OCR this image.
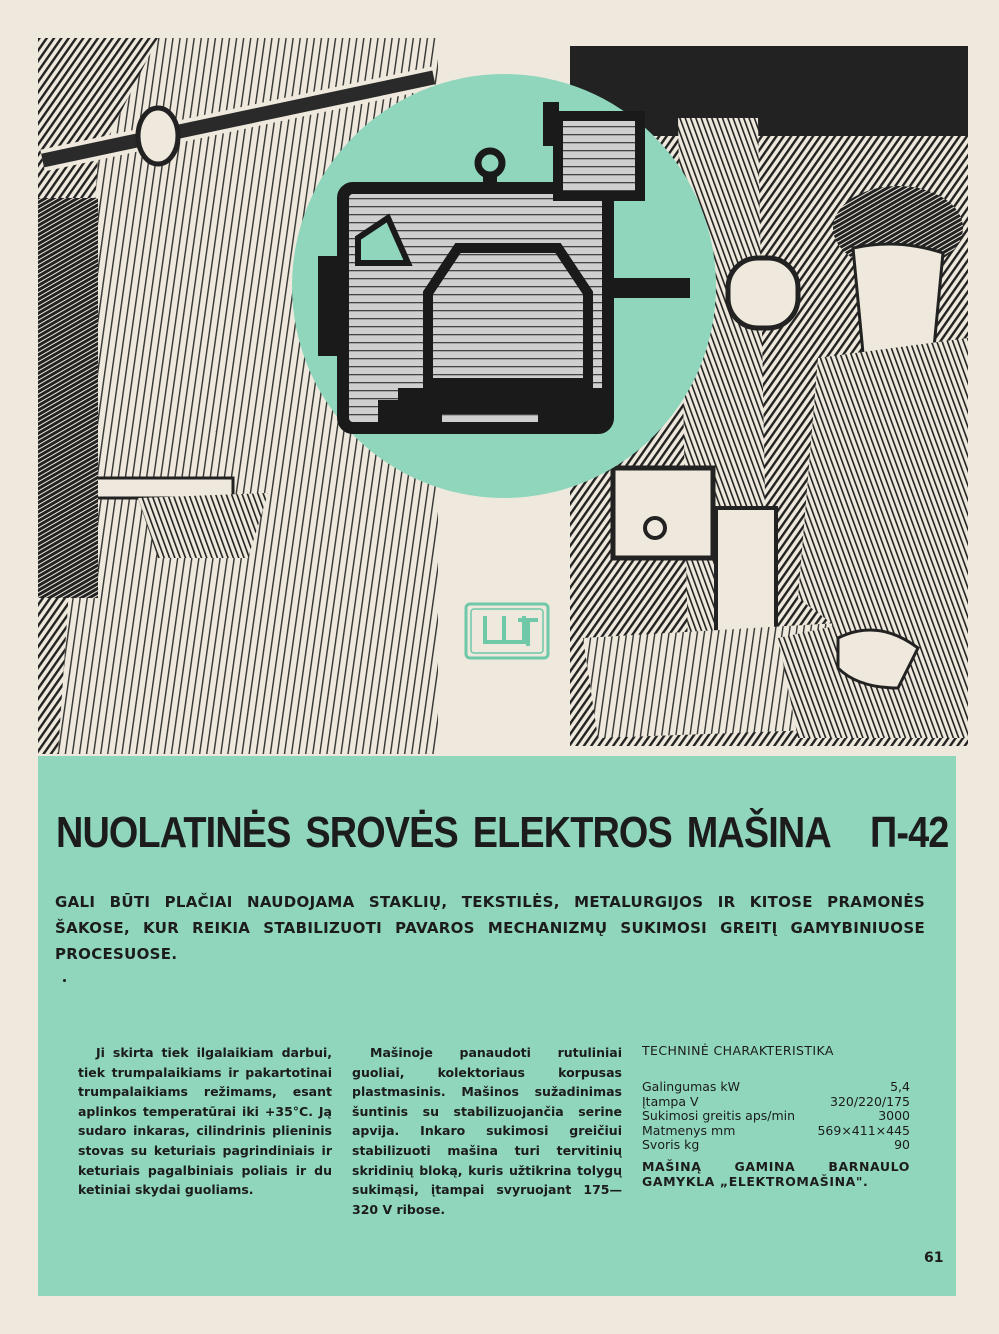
NUOLATINĖS SROVĖS ELEKTROS MAŠINA П-42
GALI BŪTI PLAČIAI NAUDOJAMA STAKLIŲ, TEKSTILĖS, METALURGIJOS IR KITOSE PRAMONĖS ŠAKOSE, KUR REIKIA STABILIZUOTI PAVAROS MECHANIZMŲ SUKIMOSI GREITĮ GAMYBINIUOSE PROCESUOSE.
Ji skirta tiek ilgalaikiam darbui, tiek trumpalaikiams ir pakartotinai trumpalaikiams režimams, esant aplinkos temperatūrai iki +35°C. Ją sudaro inkaras, cilindrinis plieninis stovas su keturiais pagrindiniais ir keturiais pagalbiniais poliais ir du ketiniai skydai guoliams.
Mašinoje panaudoti rutuliniai guoliai, kolektoriaus korpusas plastmasinis. Mašinos sužadinimas šuntinis su stabilizuojančia serine apvija. Inkaro sukimosi greičiui stabilizuoti mašina turi tervitinių skridinių bloką, kuris užtikrina tolygų sukimąsi, įtampai svyruojant 175—320 V ribose.
TECHNINĖ CHARAKTERISTIKA
Galingumas kW	5,4
Įtampa V	320/220/175
Sukimosi greitis aps/min	3000
Matmenys mm	569×411×445
Svoris kg	90
MAŠINĄ GAMINA BARNAULO GAMYKLA „ELEKTROMAŠINA".
61
